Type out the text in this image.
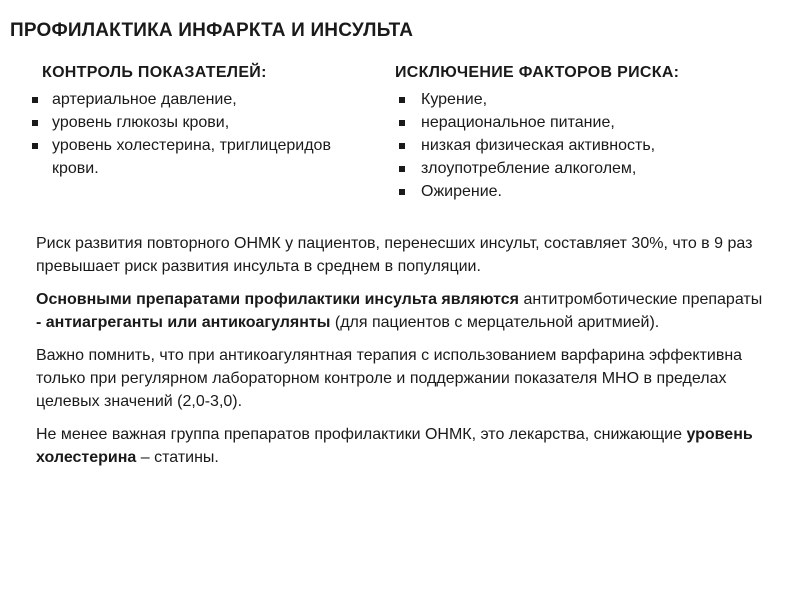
ПРОФИЛАКТИКА ИНФАРКТА И ИНСУЛЬТА
КОНТРОЛЬ ПОКАЗАТЕЛЕЙ:
артериальное давление,
уровень глюкозы крови,
уровень холестерина, триглицеридов крови.
ИСКЛЮЧЕНИЕ ФАКТОРОВ РИСКА:
Курение,
нерациональное питание,
низкая физическая активность,
злоупотребление алкоголем,
Ожирение.

Риск развития повторного ОНМК у пациентов, перенесших инсульт, составляет 30%, что в 9 раз превышает риск развития инсульта в среднем в популяции.

Основными препаратами профилактики инсульта являются антитромботические препараты - антиагреганты или антикоагулянты (для пациентов с мерцательной аритмией).

Важно помнить, что при антикоагулянтная терапия с использованием варфарина эффективна только при регулярном лабораторном контроле и поддержании показателя МНО в пределах целевых значений (2,0-3,0).

Не менее важная группа препаратов профилактики ОНМК, это лекарства, снижающие уровень холестерина – статины.
